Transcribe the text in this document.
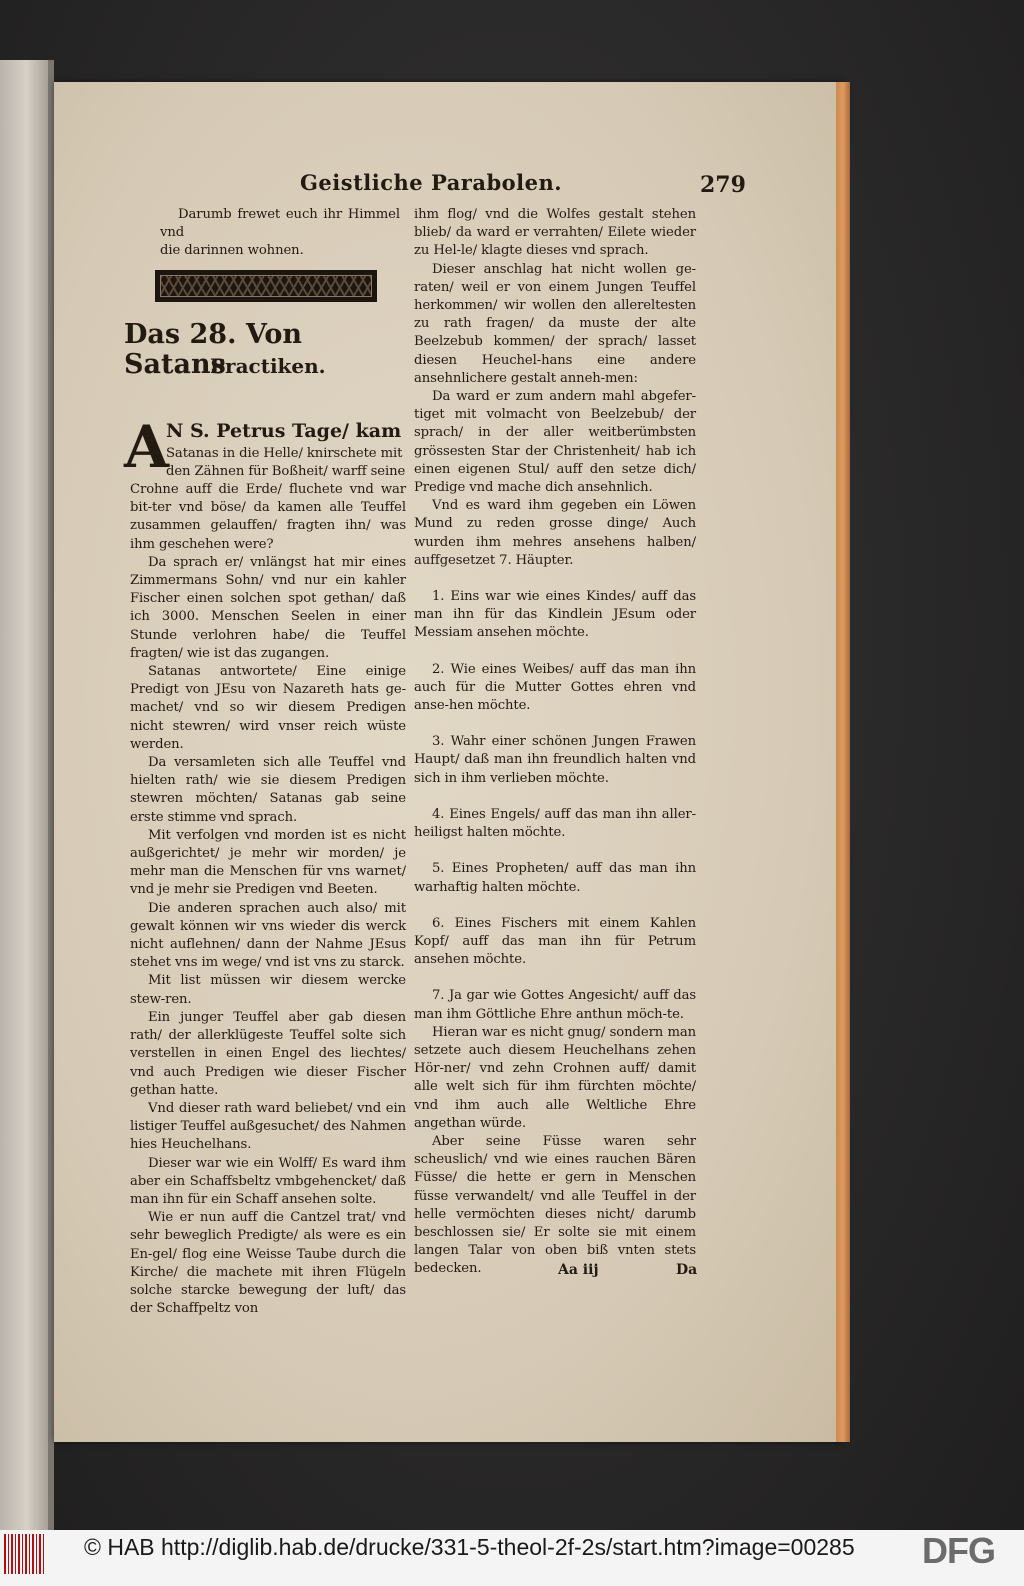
Geistliche Parabolen.	279

Darumb frewet euch ihr Himmel vnd

die darinnen wohnen.

Das 28. Von Satans
Practiken.
A
N S. Petrus Tage/ kam

Satanas in die Helle/ knirschete mit

den Zähnen für Boßheit/ warff seine

Crohne auff die Erde/ fluchete vnd war bit-ter vnd böse/ da kamen alle Teuffel zusammen gelauffen/ fragten ihn/ was ihm geschehen were?

Da sprach er/ vnlängst hat mir eines Zimmermans Sohn/ vnd nur ein kahler Fischer einen solchen spot gethan/ daß ich 3000. Menschen Seelen in einer Stunde verlohren habe/ die Teuffel fragten/ wie ist das zugangen.

Satanas antwortete/ Eine einige Predigt von JEsu von Nazareth hats ge-machet/ vnd so wir diesem Predigen nicht stewren/ wird vnser reich wüste werden.

Da versamleten sich alle Teuffel vnd hielten rath/ wie sie diesem Predigen stewren möchten/ Satanas gab seine erste stimme vnd sprach.

Mit verfolgen vnd morden ist es nicht außgerichtet/ je mehr wir morden/ je mehr man die Menschen für vns warnet/ vnd je mehr sie Predigen vnd Beeten.

Die anderen sprachen auch also/ mit gewalt können wir vns wieder dis werck nicht auflehnen/ dann der Nahme JEsus stehet vns im wege/ vnd ist vns zu starck.

Mit list müssen wir diesem wercke stew-ren.

Ein junger Teuffel aber gab diesen rath/ der allerklügeste Teuffel solte sich verstellen in einen Engel des liechtes/ vnd auch Predigen wie dieser Fischer gethan hatte.

Vnd dieser rath ward beliebet/ vnd ein listiger Teuffel außgesuchet/ des Nahmen hies Heuchelhans.

Dieser war wie ein Wolff/ Es ward ihm aber ein Schaffsbeltz vmbgehencket/ daß man ihn für ein Schaff ansehen solte.

Wie er nun auff die Cantzel trat/ vnd sehr beweglich Predigte/ als were es ein En-gel/ flog eine Weisse Taube durch die Kirche/ die machete mit ihren Flügeln solche starcke bewegung der luft/ das der Schaffpeltz von

ihm flog/ vnd die Wolfes gestalt stehen blieb/ da ward er verrahten/ Eilete wieder zu Hel-le/ klagte dieses vnd sprach.

Dieser anschlag hat nicht wollen ge-raten/ weil er von einem Jungen Teuffel herkommen/ wir wollen den allereltesten zu rath fragen/ da muste der alte Beelzebub kommen/ der sprach/ lasset diesen Heuchel-hans eine andere ansehnlichere gestalt anneh-men:

Da ward er zum andern mahl abgefer-tiget mit volmacht von Beelzebub/ der sprach/ in der aller weitberümbsten grössesten Star der Christenheit/ hab ich einen eigenen Stul/ auff den setze dich/ Predige vnd mache dich ansehnlich.

Vnd es ward ihm gegeben ein Löwen Mund zu reden grosse dinge/ Auch wurden ihm mehres ansehens halben/ auffgesetzet 7. Häupter.

1. Eins war wie eines Kindes/ auff das man ihn für das Kindlein JEsum oder Messiam ansehen möchte.

2. Wie eines Weibes/ auff das man ihn auch für die Mutter Gottes ehren vnd anse-hen möchte.

3. Wahr einer schönen Jungen Frawen Haupt/ daß man ihn freundlich halten vnd sich in ihm verlieben möchte.

4. Eines Engels/ auff das man ihn aller-heiligst halten möchte.

5. Eines Propheten/ auff das man ihn warhaftig halten möchte.

6. Eines Fischers mit einem Kahlen Kopf/ auff das man ihn für Petrum ansehen möchte.

7. Ja gar wie Gottes Angesicht/ auff das man ihm Göttliche Ehre anthun möch-te.

Hieran war es nicht gnug/ sondern man setzete auch diesem Heuchelhans zehen Hör-ner/ vnd zehn Crohnen auff/ damit alle welt sich für ihm fürchten möchte/ vnd ihm auch alle Weltliche Ehre angethan würde.

Aber seine Füsse waren sehr scheuslich/ vnd wie eines rauchen Bären Füsse/ die hette er gern in Menschen füsse verwandelt/ vnd alle Teuffel in der helle vermöchten dieses nicht/ darumb beschlossen sie/ Er solte sie mit einem langen Talar von oben biß vnten stets bedecken.	Aa iij	Da
© HAB http://diglib.hab.de/drucke/331-5-theol-2f-2s/start.htm?image=00285 DFG
